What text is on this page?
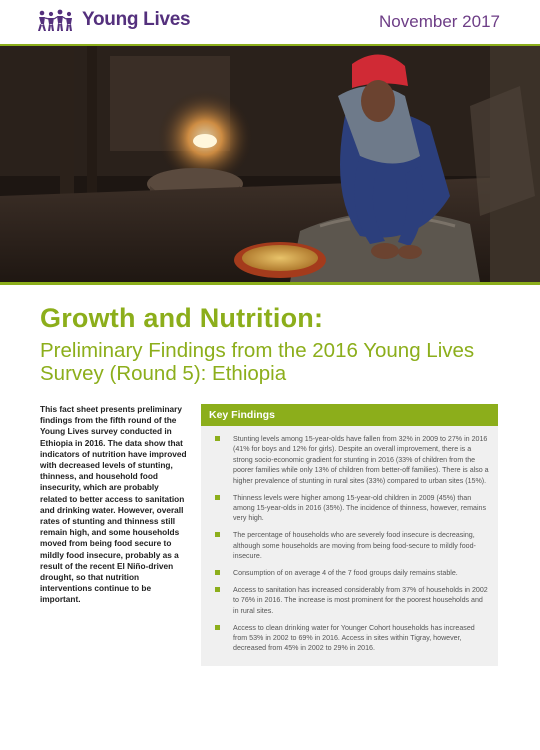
Young Lives	November 2017
Growth and Nutrition:
Preliminary Findings from the 2016 Young Lives Survey (Round 5): Ethiopia

This fact sheet presents preliminary findings from the fifth round of the Young Lives survey conducted in Ethiopia in 2016. The data show that indicators of nutrition have improved with decreased levels of stunting, thinness, and household food insecurity, which are probably related to better access to sanitation and drinking water. However, overall rates of stunting and thinness still remain high, and some households moved from being food secure to mildly food insecure, probably as a result of the recent El Niño-driven drought, so that nutrition interventions continue to be important.

Key Findings
Stunting levels among 15-year-olds have fallen from 32% in 2009 to 27% in 2016 (41% for boys and 12% for girls). Despite an overall improvement, there is a strong socio-economic gradient for stunting in 2016 (33% of children from the poorer families while only 13% of children from better-off families). There is also a higher prevalence of stunting in rural sites (33%) compared to urban sites (15%).
Thinness levels were higher among 15-year-old children in 2009 (45%) than among 15-year-olds in 2016 (35%). The incidence of thinness, however, remains very high.
The percentage of households who are severely food insecure is decreasing, although some households are moving from being food-secure to mildly food-insecure.
Consumption of on average 4 of the 7 food groups daily remains stable.
Access to sanitation has increased considerably from 37% of households in 2002 to 76% in 2016. The increase is most prominent for the poorest households and in rural sites.
Access to clean drinking water for Younger Cohort households has increased from 53% in 2002 to 69% in 2016. Access in sites within Tigray, however, decreased from 45% in 2002 to 29% in 2016.
